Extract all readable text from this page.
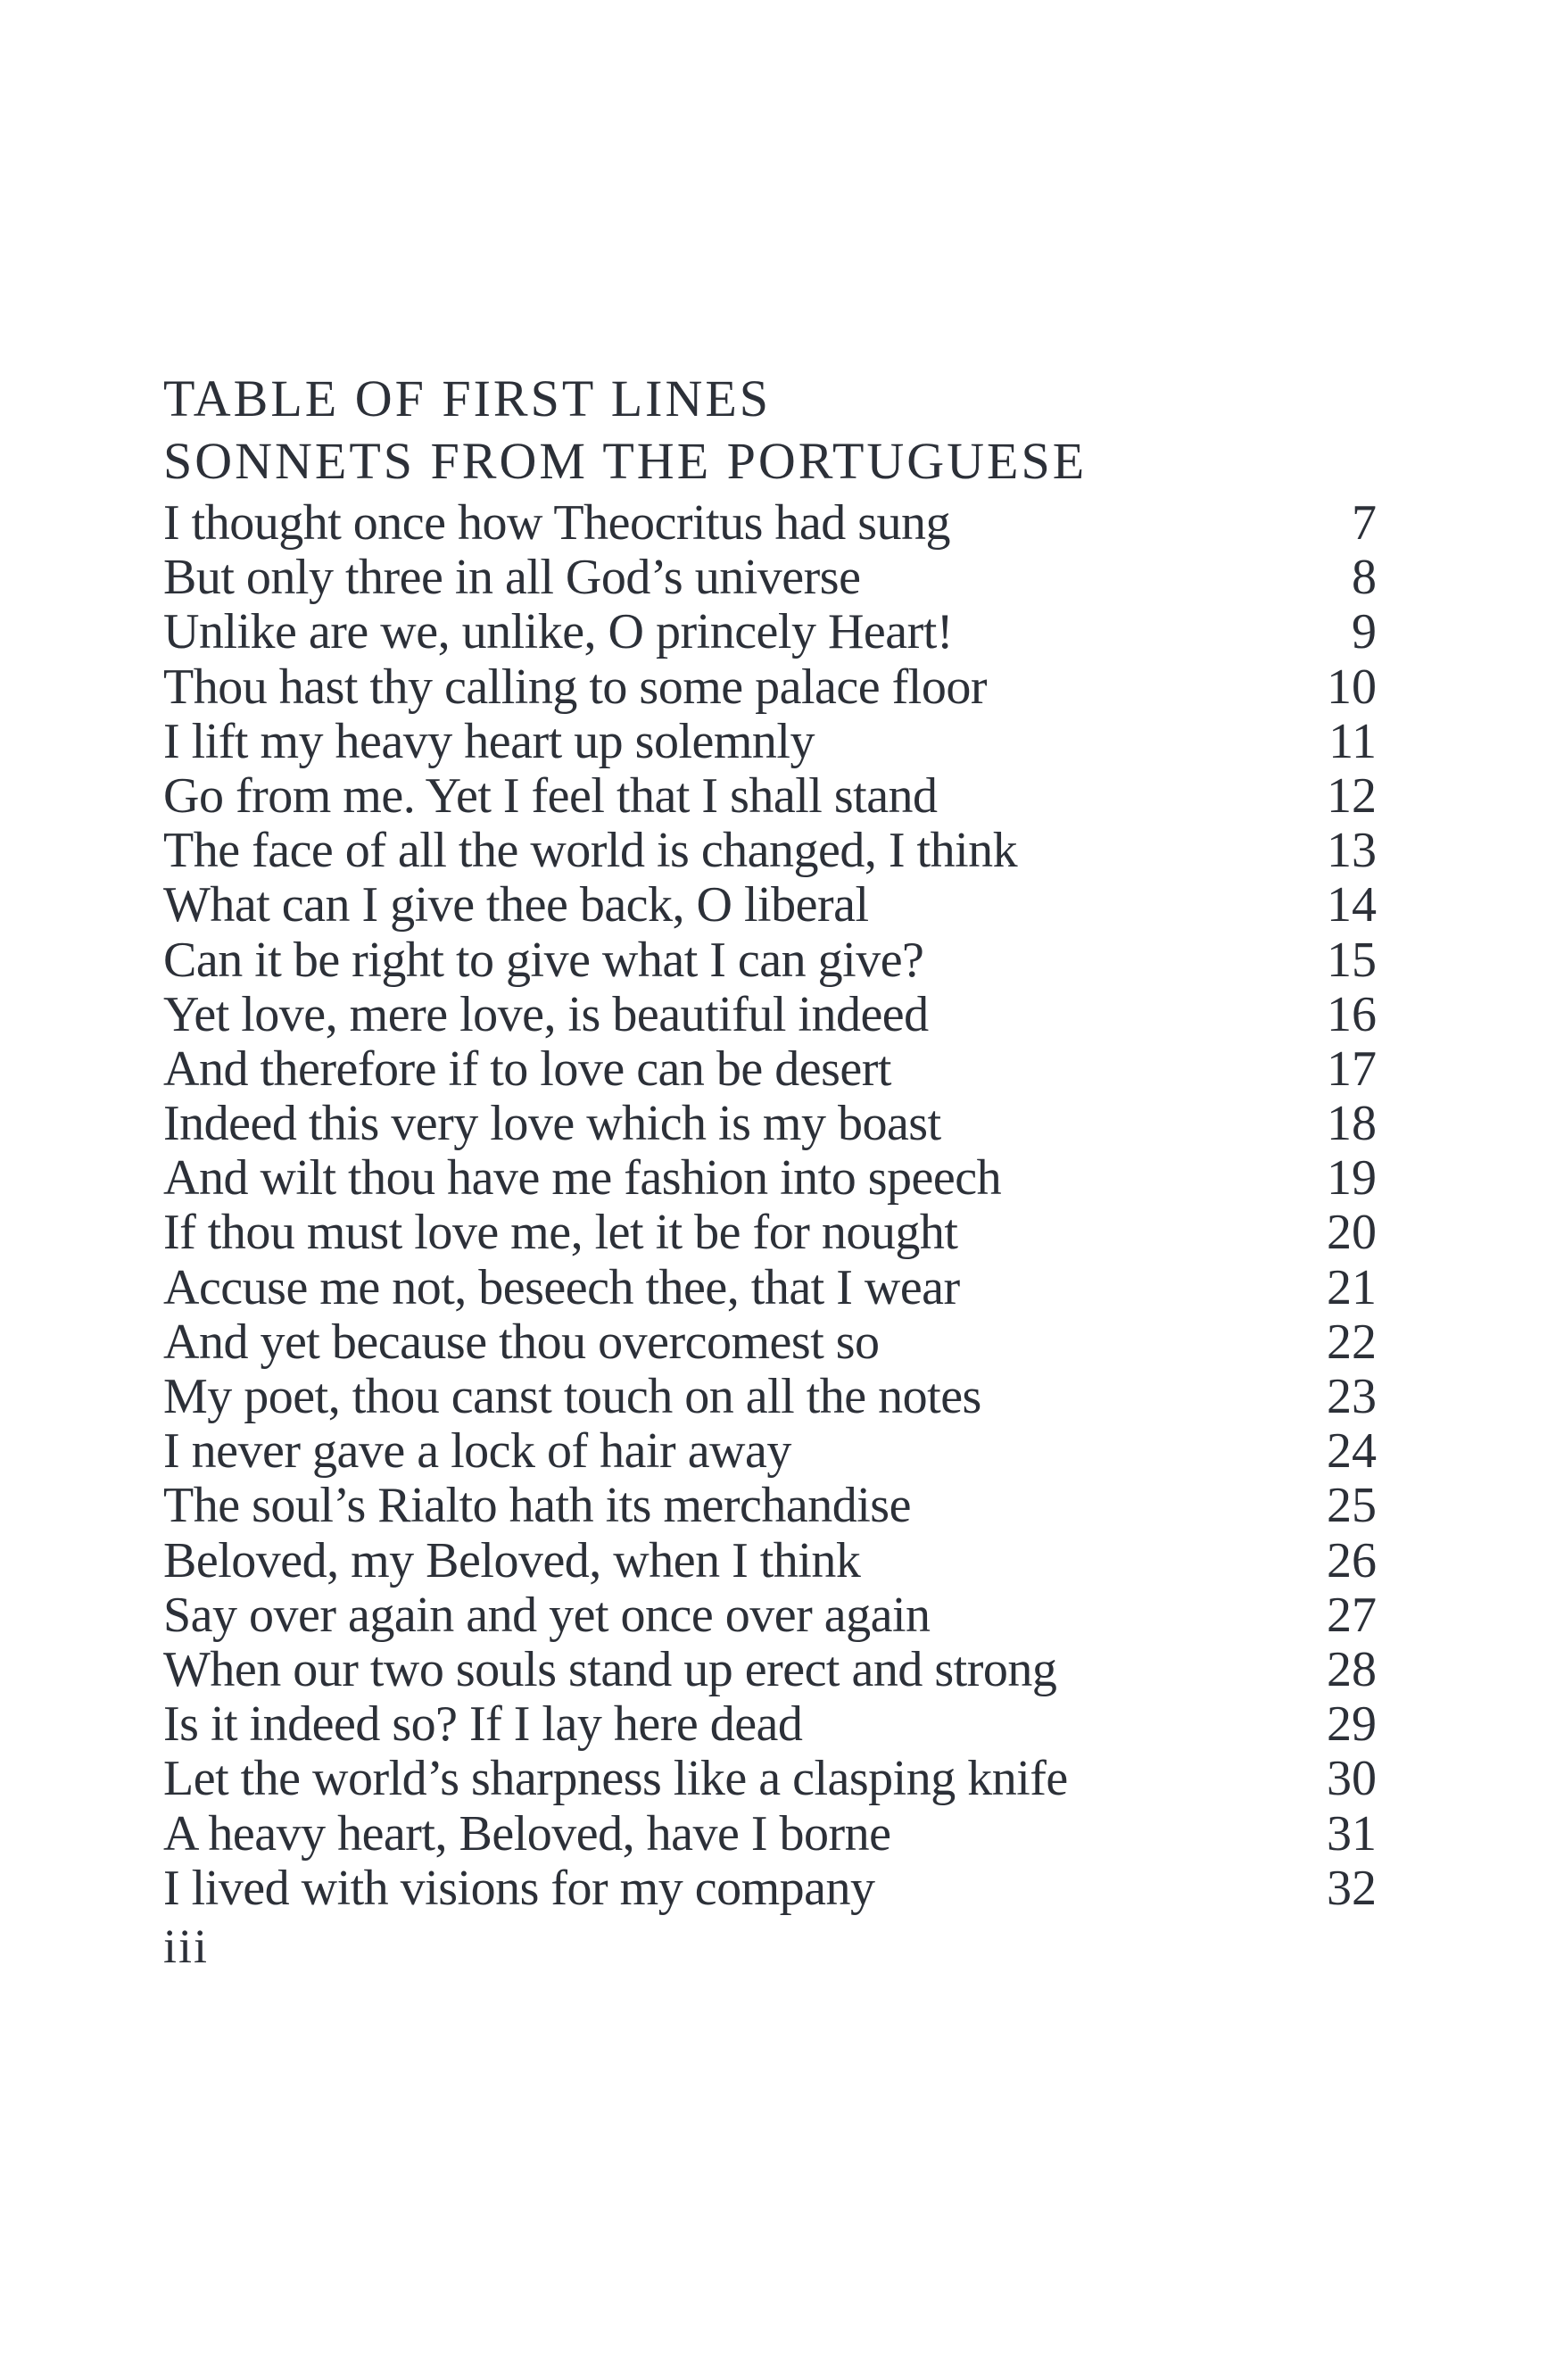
TABLE OF FIRST LINES
SONNETS FROM THE PORTUGUESE
I thought once how Theocritus had sung	7
But only three in all God’s universe	8
Unlike are we, unlike, O princely Heart!	9
Thou hast thy calling to some palace floor	10
I lift my heavy heart up solemnly	11
Go from me. Yet I feel that I shall stand	12
The face of all the world is changed, I think	13
What can I give thee back, O liberal	14
Can it be right to give what I can give?	15
Yet love, mere love, is beautiful indeed	16
And therefore if to love can be desert	17
Indeed this very love which is my boast	18
And wilt thou have me fashion into speech	19
If thou must love me, let it be for nought	20
Accuse me not, beseech thee, that I wear	21
And yet because thou overcomest so	22
My poet, thou canst touch on all the notes	23
I never gave a lock of hair away	24
The soul’s Rialto hath its merchandise	25
Beloved, my Beloved, when I think	26
Say over again and yet once over again	27
When our two souls stand up erect and strong	28
Is it indeed so? If I lay here dead	29
Let the world’s sharpness like a clasping knife	30
A heavy heart, Beloved, have I borne	31
I lived with visions for my company	32
iii
